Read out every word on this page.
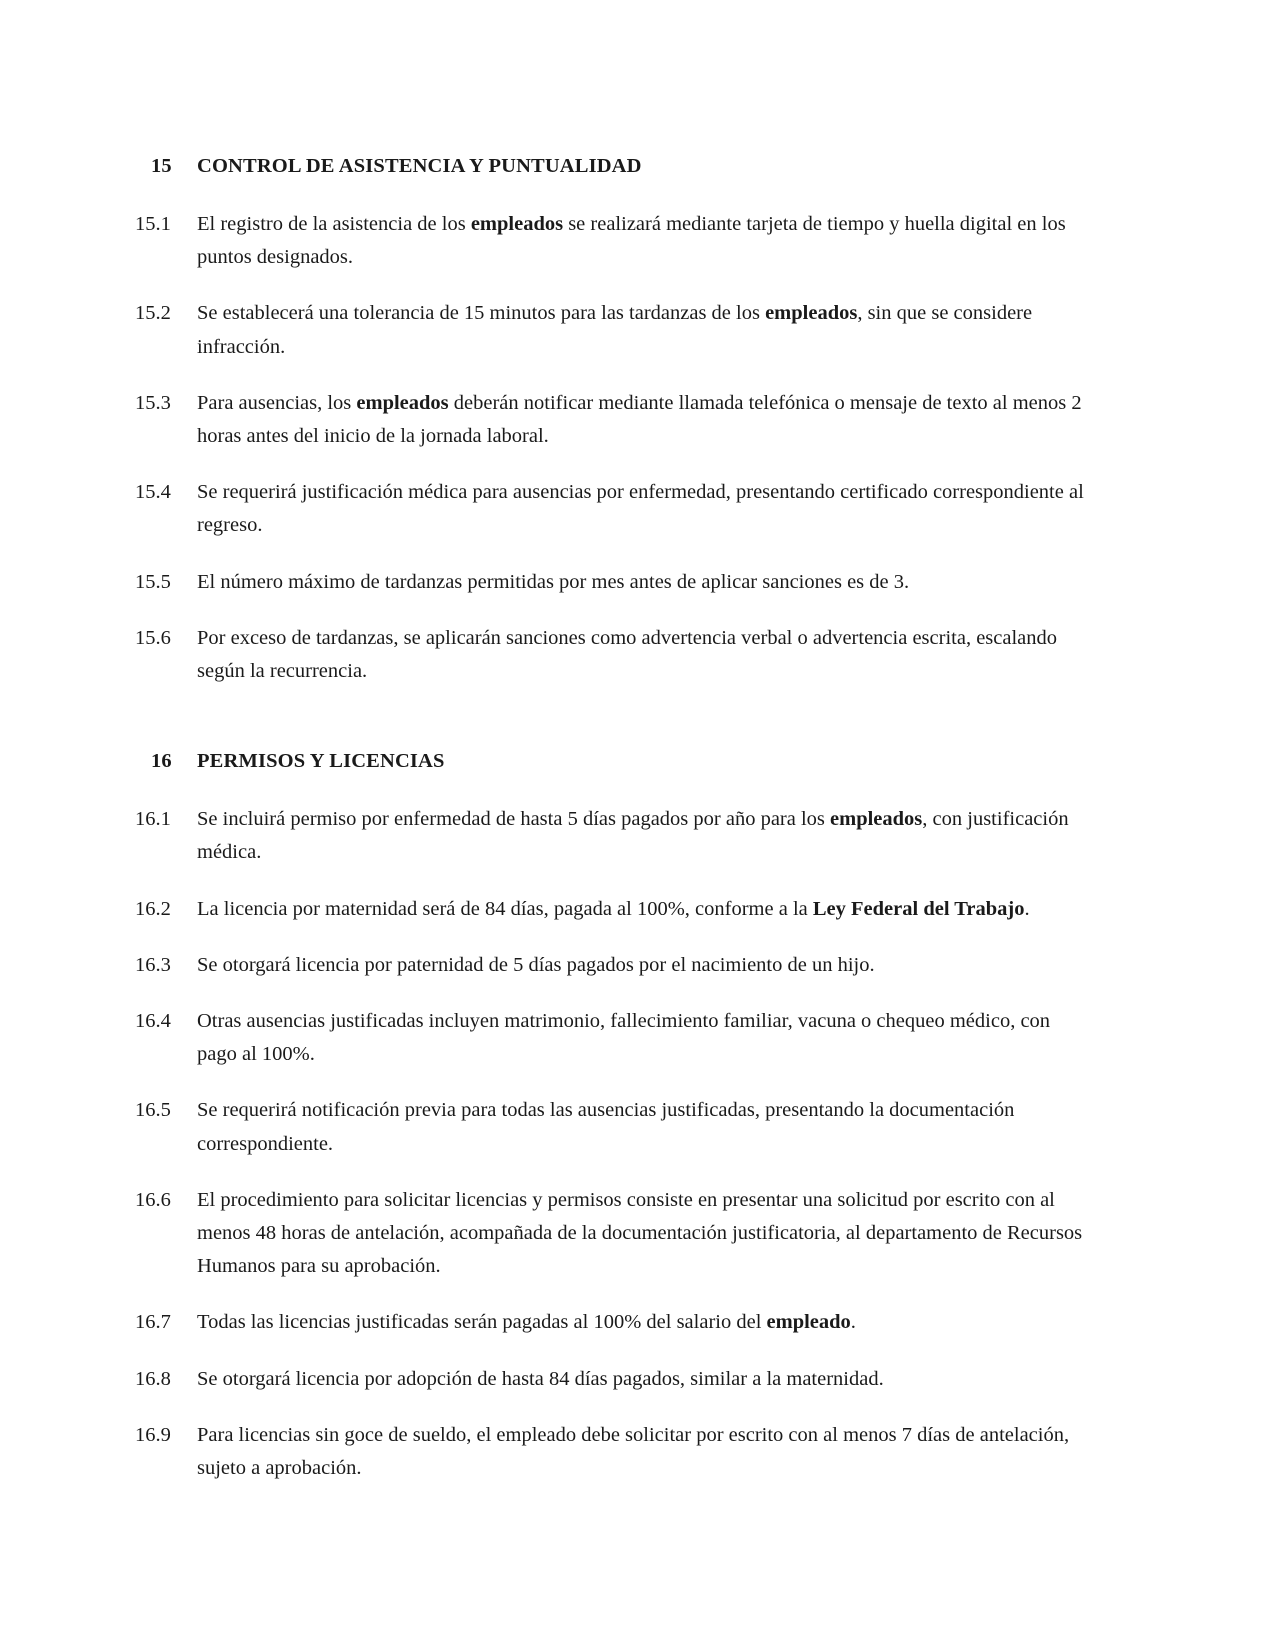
15	CONTROL DE ASISTENCIA Y PUNTUALIDAD
15.1	El registro de la asistencia de los empleados se realizará mediante tarjeta de tiempo y huella digital en los puntos designados.
15.2	Se establecerá una tolerancia de 15 minutos para las tardanzas de los empleados, sin que se considere infracción.
15.3	Para ausencias, los empleados deberán notificar mediante llamada telefónica o mensaje de texto al menos 2 horas antes del inicio de la jornada laboral.
15.4	Se requerirá justificación médica para ausencias por enfermedad, presentando certificado correspondiente al regreso.
15.5	El número máximo de tardanzas permitidas por mes antes de aplicar sanciones es de 3.
15.6	Por exceso de tardanzas, se aplicarán sanciones como advertencia verbal o advertencia escrita, escalando según la recurrencia.
16	PERMISOS Y LICENCIAS
16.1	Se incluirá permiso por enfermedad de hasta 5 días pagados por año para los empleados, con justificación médica.
16.2	La licencia por maternidad será de 84 días, pagada al 100%, conforme a la Ley Federal del Trabajo.
16.3	Se otorgará licencia por paternidad de 5 días pagados por el nacimiento de un hijo.
16.4	Otras ausencias justificadas incluyen matrimonio, fallecimiento familiar, vacuna o chequeo médico, con pago al 100%.
16.5	Se requerirá notificación previa para todas las ausencias justificadas, presentando la documentación correspondiente.
16.6	El procedimiento para solicitar licencias y permisos consiste en presentar una solicitud por escrito con al menos 48 horas de antelación, acompañada de la documentación justificatoria, al departamento de Recursos Humanos para su aprobación.
16.7	Todas las licencias justificadas serán pagadas al 100% del salario del empleado.
16.8	Se otorgará licencia por adopción de hasta 84 días pagados, similar a la maternidad.
16.9	Para licencias sin goce de sueldo, el empleado debe solicitar por escrito con al menos 7 días de antelación, sujeto a aprobación.
